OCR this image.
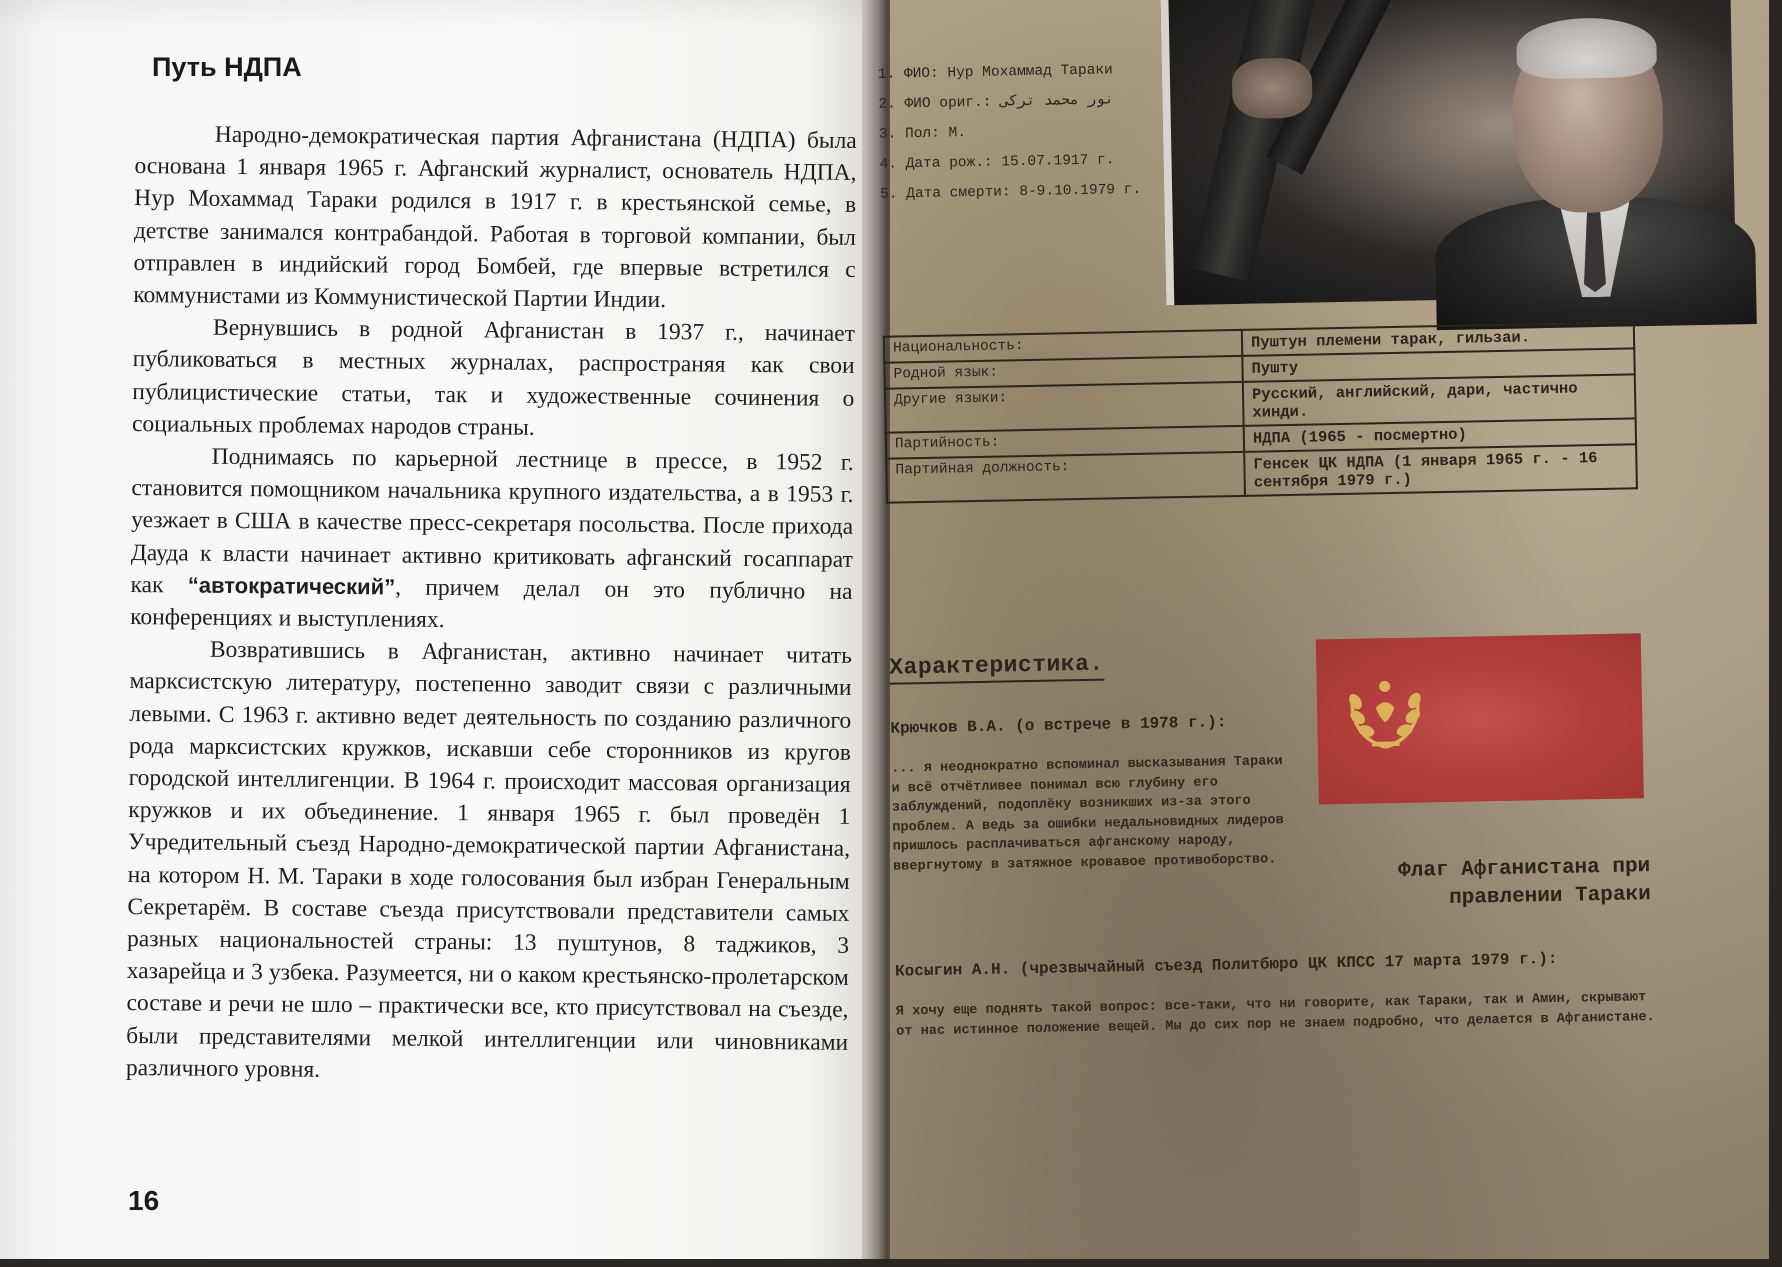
Путь НДПА

Народно-демократическая партия Афганистана (НДПА) была основана 1 января 1965 г. Афганский журналист, основатель НДПА, Нур Мохаммад Тараки родился в 1917 г. в крестьянской семье, в детстве занимался контрабандой. Работая в торговой компании, был отправлен в индийский город Бомбей, где впервые встретился с коммунистами из Коммунистической Партии Индии.

Вернувшись в родной Афганистан в 1937 г., начинает публиковаться в местных журналах, распространяя как свои публицистические статьи, так и художественные сочинения о социальных проблемах народов страны.

Поднимаясь по карьерной лестнице в прессе, в 1952 г. становится помощником начальника крупного издательства, а в 1953 г. уезжает в США в качестве пресс-секретаря посольства. После прихода Дауда к власти начинает активно критиковать афганский госаппарат как “автократический”, причем делал он это публично на конференциях и выступлениях.

Возвратившись в Афганистан, активно начинает читать марксистскую литературу, постепенно заводит связи с различными левыми. С 1963 г. активно ведет деятельность по созданию различного рода марксистских кружков, искавши себе сторонников из кругов городской интеллигенции. В 1964 г. происходит массовая организация кружков и их объединение. 1 января 1965 г. был проведён 1 Учредительный съезд Народно-демократической партии Афганистана, на котором Н. М. Тараки в ходе голосования был избран Генеральным Секретарём. В составе съезда присутствовали представители самых разных национальностей страны: 13 пуштунов, 8 таджиков, 3 хазарейца и 3 узбека. Разумеется, ни о каком крестьянско-пролетарском составе и речи не шло – практически все, кто присутствовал на съезде, были представителями мелкой интеллигенции или чиновниками различного уровня.

16
1. ФИО: Нур Мохаммад Тараки
2. ФИО ориг.: نور محمد ترکی
3. Пол: М.
4. Дата рож.: 15.07.1917 г.
5. Дата смерти: 8-9.10.1979 г.
Национальность:	Пуштун племени тарак, гильзаи.
Родной язык:	Пушту
Другие языки:	Русский, английский, дари, частично хинди.
Партийность:	НДПА (1965 - посмертно)
Партийная должность:	Генсек ЦК НДПА (1 января 1965 г. - 16 сентября 1979 г.)
Характеристика.
Крючков В.А. (о встрече в 1978 г.):
... я неоднократно вспоминал высказывания Тараки и всё отчётливее понимал всю глубину его заблуждений, подоплёку возникших из-за этого проблем. А ведь за ошибки недальновидных лидеров пришлось расплачиваться афганскому народу, ввергнутому в затяжное кровавое противоборство.	Флаг Афганистана при правлении Тараки
Косыгин А.Н. (чрезвычайный съезд Политбюро ЦК КПСС 17 марта 1979 г.):
Я хочу еще поднять такой вопрос: все-таки, что ни говорите, как Тараки, так и Амин, скрывают от нас истинное положение вещей. Мы до сих пор не знаем подробно, что делается в Афганистане.
